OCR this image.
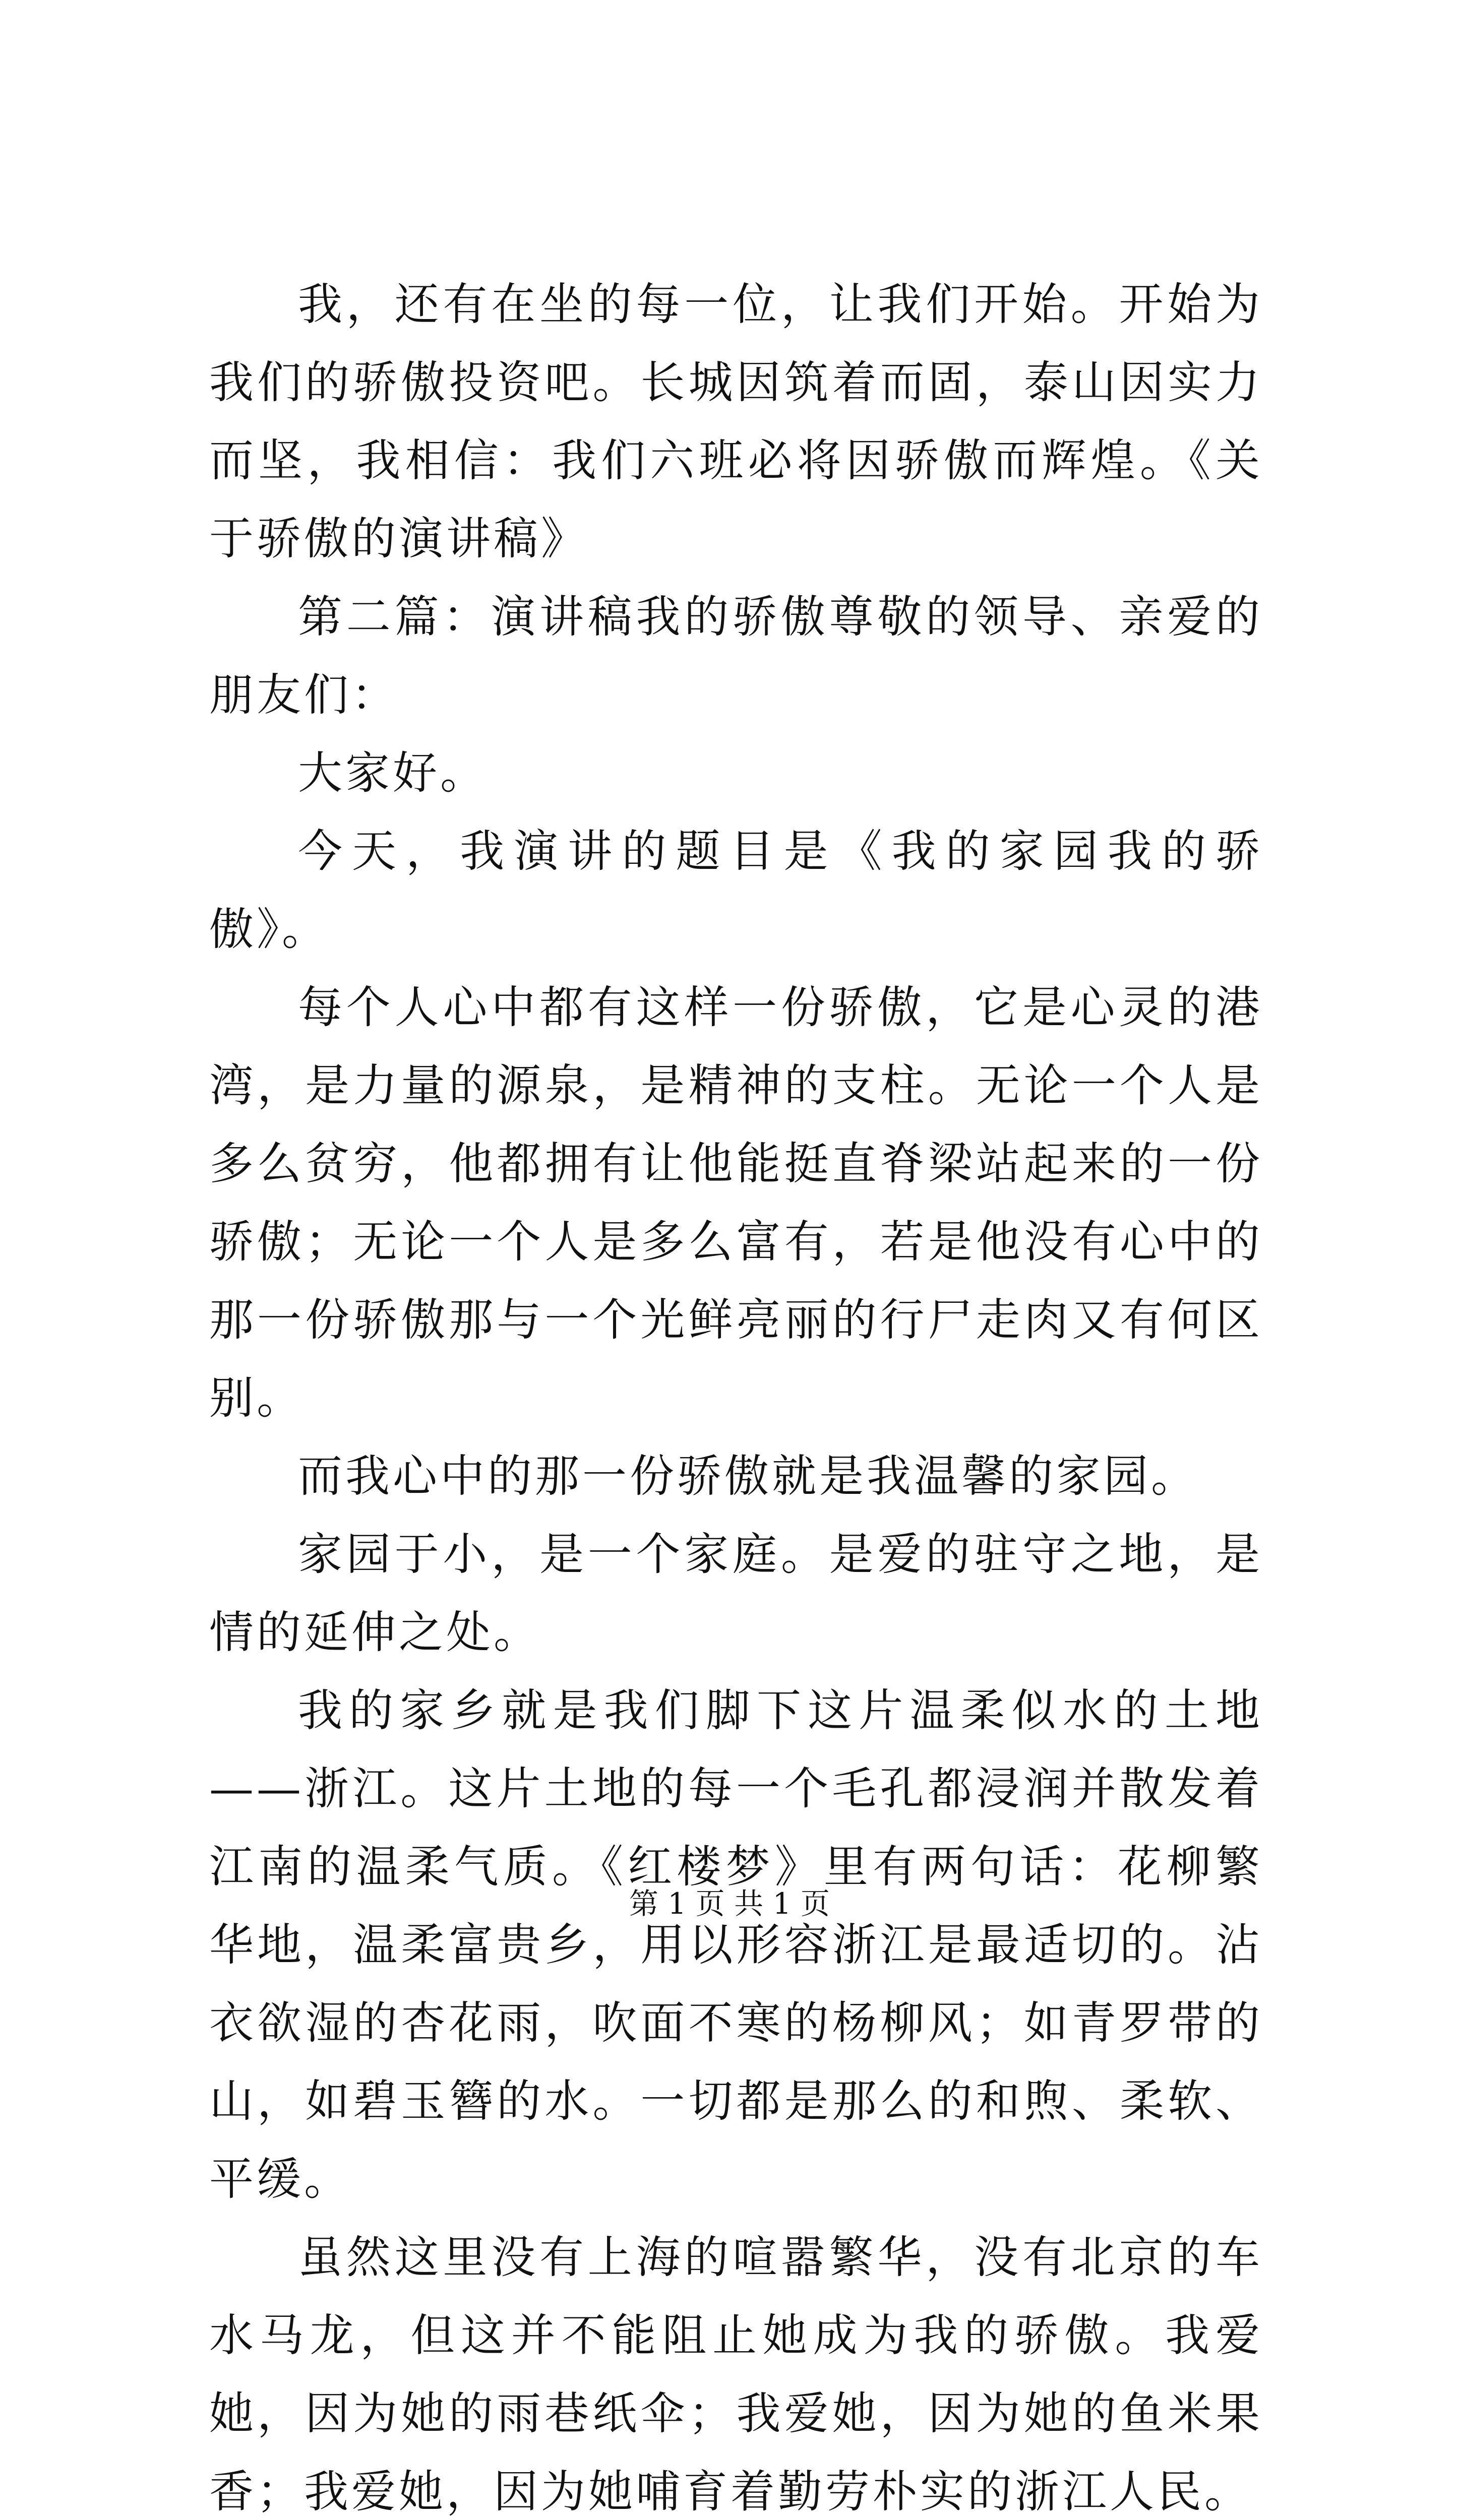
我，还有在坐的每一位，让我们开始。开始为我们的骄傲投资吧。长城因筑着而固，泰山因实力而坚，我相信：我们六班必将因骄傲而辉煌。《关于骄傲的演讲稿》

第二篇：演讲稿我的骄傲尊敬的领导、亲爱的朋友们：

大家好。

今天，我演讲的题目是《我的家园我的骄傲》。

每个人心中都有这样一份骄傲，它是心灵的港湾，是力量的源泉，是精神的支柱。无论一个人是多么贫穷，他都拥有让他能挺直脊梁站起来的一份骄傲；无论一个人是多么富有，若是他没有心中的那一份骄傲那与一个光鲜亮丽的行尸走肉又有何区别。

而我心中的那一份骄傲就是我温馨的家园。

家园于小，是一个家庭。是爱的驻守之地，是情的延伸之处。

我的家乡就是我们脚下这片温柔似水的土地——浙江。这片土地的每一个毛孔都浸润并散发着江南的温柔气质。《红楼梦》里有两句话：花柳繁华地，温柔富贵乡，用以形容浙江是最适切的。沾衣欲湿的杏花雨，吹面不寒的杨柳风；如青罗带的山，如碧玉簪的水。一切都是那么的和煦、柔软、平缓。

虽然这里没有上海的喧嚣繁华，没有北京的车水马龙，但这并不能阻止她成为我的骄傲。我爱她，因为她的雨巷纸伞；我爱她，因为她的鱼米果香；我爱她，因为她哺育着勤劳朴实的浙江人民。

第 1 页 共 1 页
